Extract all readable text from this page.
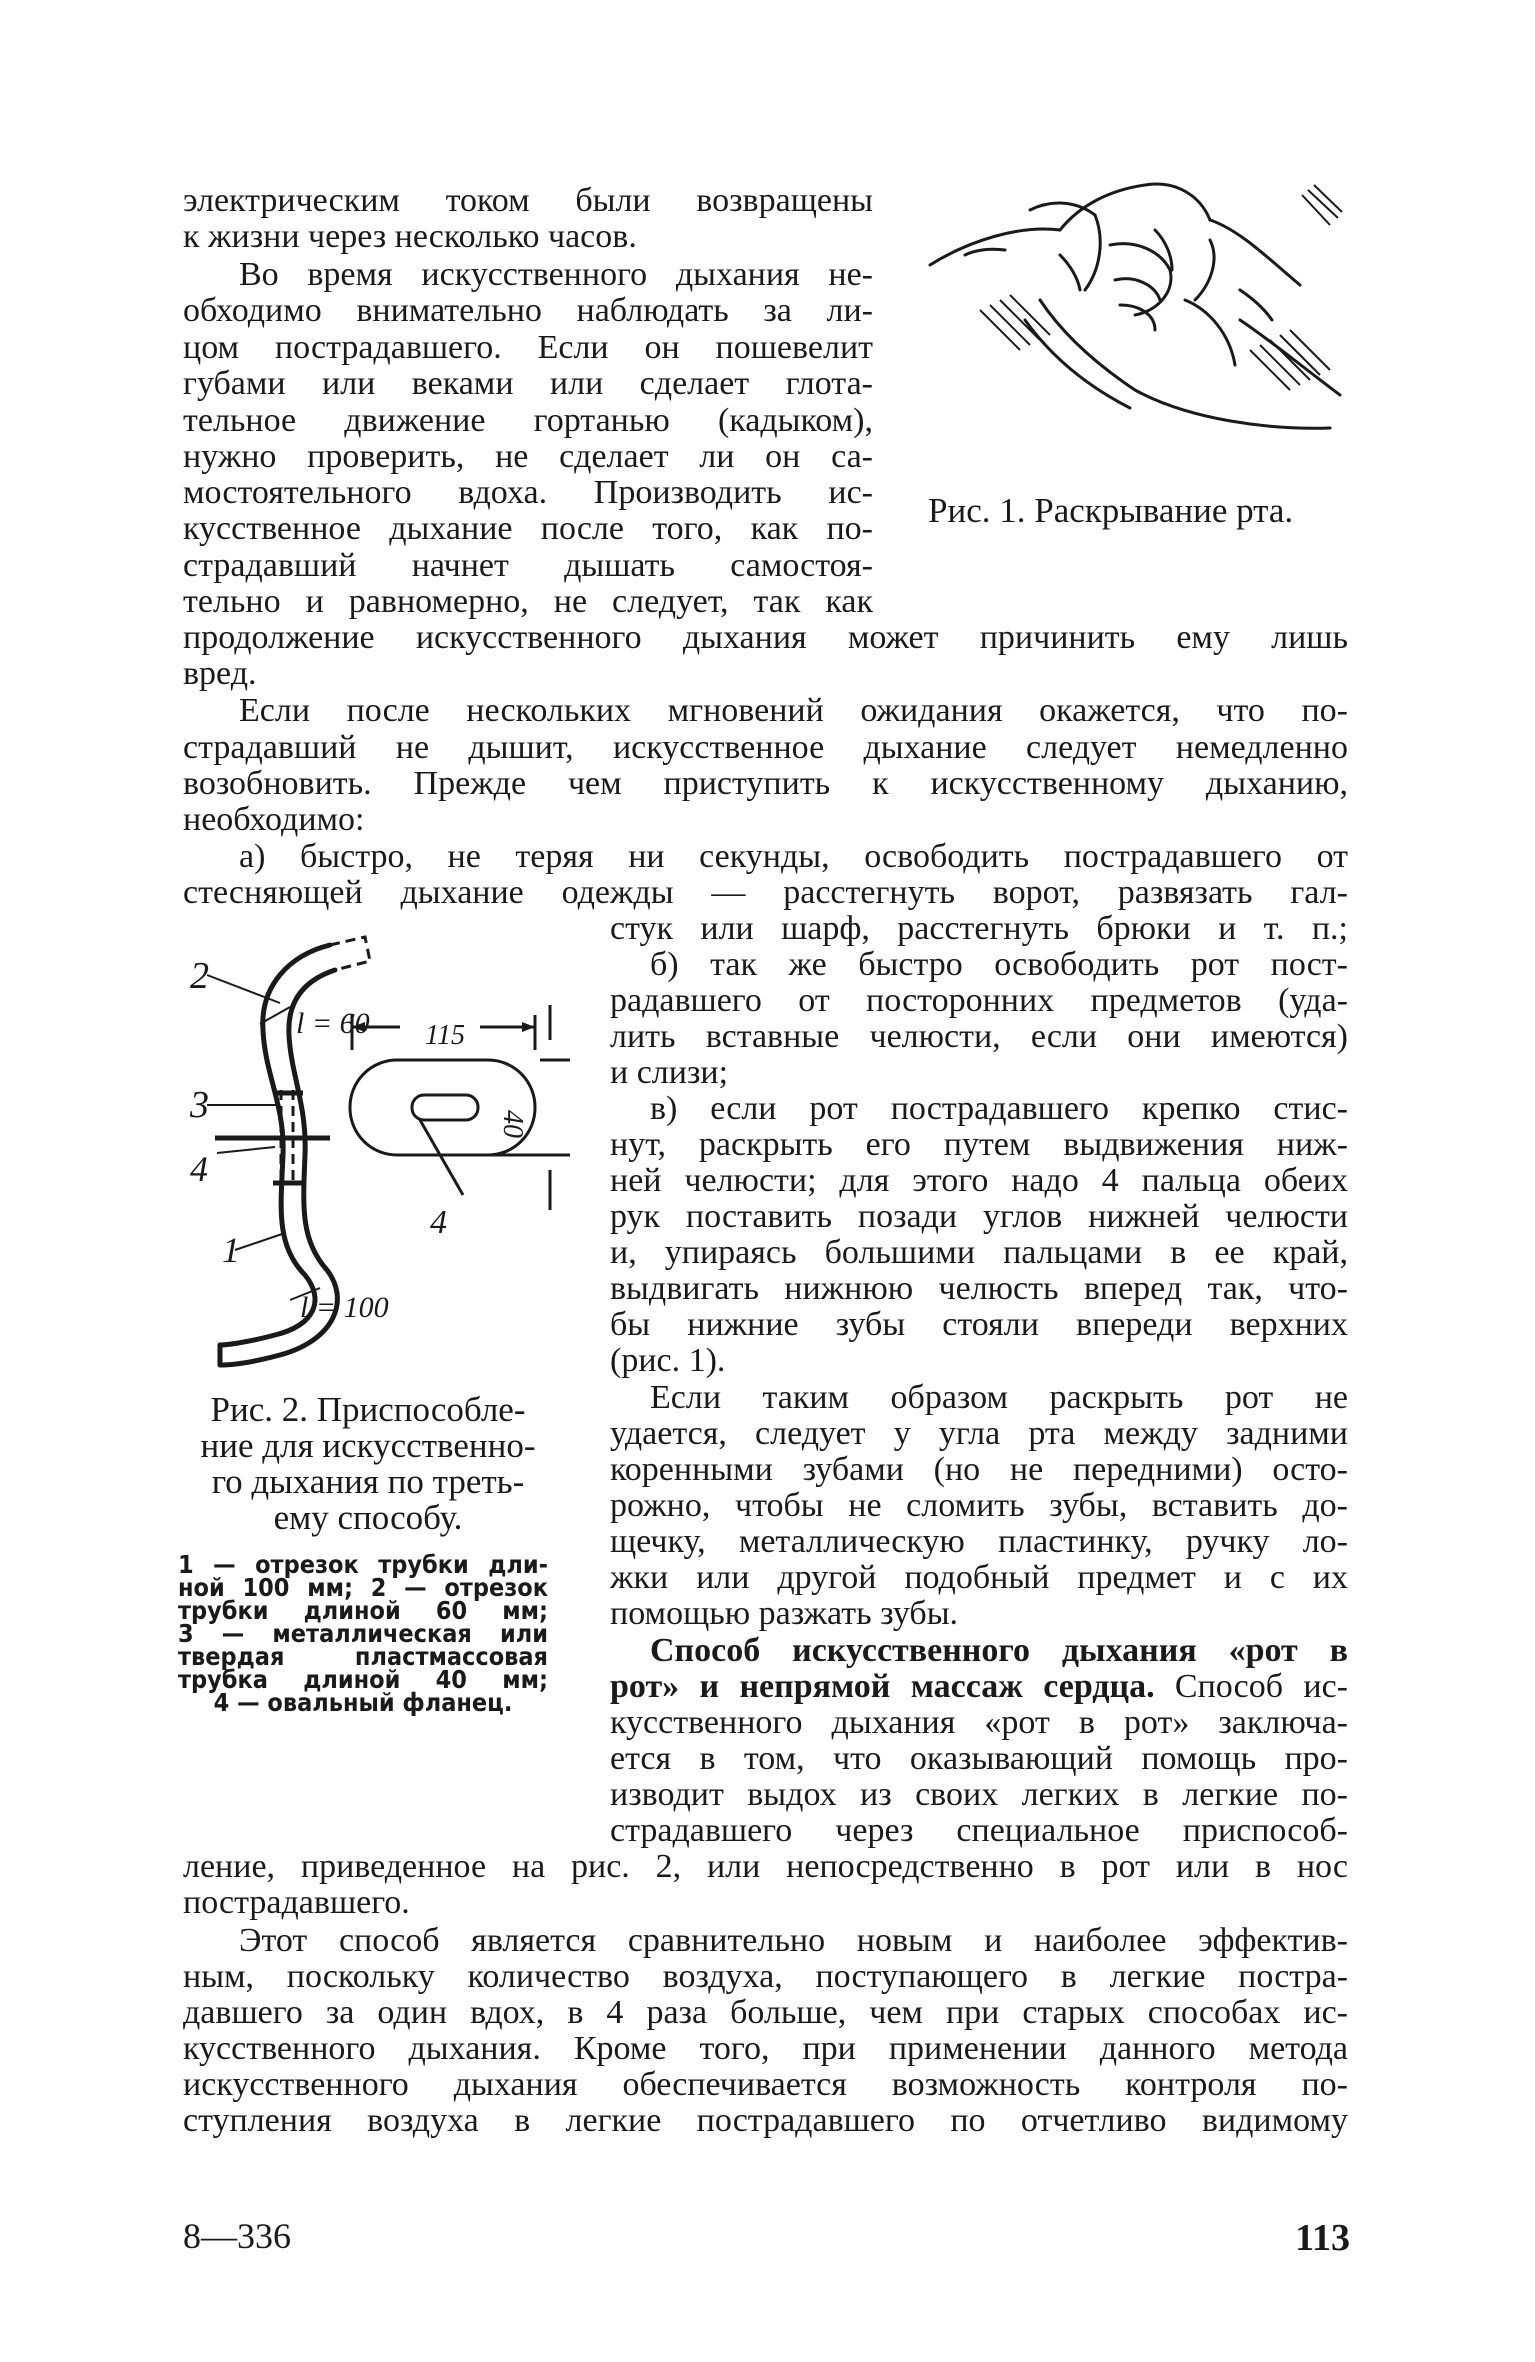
электрическим током были возвращены
к жизни через несколько часов.
Во время искусственного дыхания не-
обходимо внимательно наблюдать за ли-
цом пострадавшего. Если он пошевелит
губами или веками или сделает глота-
тельное движение гортанью (кадыком),
нужно проверить, не сделает ли он са-
мостоятельного вдоха. Производить ис-
кусственное дыхание после того, как по-
страдавший начнет дышать самостоя-
тельно и равномерно, не следует, так как
Рис. 1. Раскрывание рта.
продолжение искусственного дыхания может причинить ему лишь
вред.
Если после нескольких мгновений ожидания окажется, что по-
страдавший не дышит, искусственное дыхание следует немедленно
возобновить. Прежде чем приступить к искусственному дыханию,
необходимо:
а) быстро, не теряя ни секунды, освободить пострадавшего от
стесняющей дыхание одежды — расстегнуть ворот, развязать гал-
стук или шарф, расстегнуть брюки и т. п.;
б) так же быстро освободить рот пост-
радавшего от посторонних предметов (уда-
лить вставные челюсти, если они имеются)
и слизи;
в) если рот пострадавшего крепко стис-
нут, раскрыть его путем выдвижения ниж-
ней челюсти; для этого надо 4 пальца обеих
рук поставить позади углов нижней челюсти
и, упираясь большими пальцами в ее край,
выдвигать нижнюю челюсть вперед так, что-
бы нижние зубы стояли впереди верхних
(рис. 1).
Если таким образом раскрыть рот не
удается, следует у угла рта между задними
коренными зубами (но не передними) осто-
рожно, чтобы не сломить зубы, вставить до-
щечку, металлическую пластинку, ручку ло-
жки или другой подобный предмет и с их
помощью разжать зубы.
Способ искусственного дыхания «рот в
рот» и непрямой массаж сердца. Способ ис-
кусственного дыхания «рот в рот» заключа-
ется в том, что оказывающий помощь про-
изводит выдох из своих легких в легкие по-
страдавшего через специальное приспособ-
ление, приведенное на рис. 2, или непосредственно в рот или в нос
пострадавшего.
Этот способ является сравнительно новым и наиболее эффектив-
ным, поскольку количество воздуха, поступающего в легкие постра-
давшего за один вдох, в 4 раза больше, чем при старых способах ис-
кусственного дыхания. Кроме того, при применении данного метода
искусственного дыхания обеспечивается возможность контроля по-
ступления воздуха в легкие пострадавшего по отчетливо видимому
2
l = 60
3
4
1
l = 100
115
40
4
Рис. 2. Приспособле-
ние для искусственно-
го дыхания по треть-
ему способу.
1 — отрезок трубки дли-
ной 100 мм; 2 — отрезок
трубки длиной 60 мм;
3 — металлическая или
твердая пластмассовая
трубка длиной 40 мм;
4 — овальный фланец.
8—336	113
